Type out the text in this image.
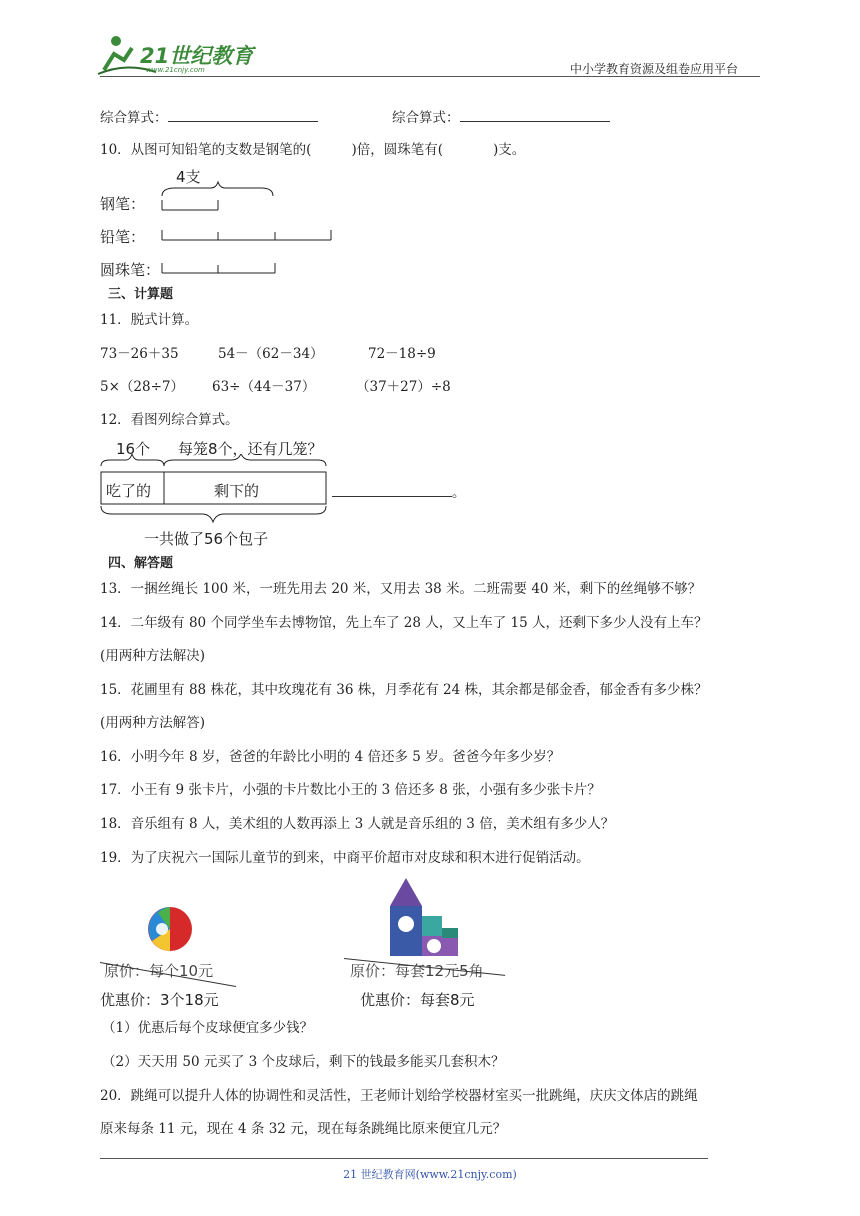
21世纪教育
www.21cnjy.com	中小学教育资源及组卷应用平台
综合算式：	综合算式：
10．从图可知铅笔的支数是钢笔的(	)倍，圆珠笔有(	)支。
4支
钢笔：
铅笔：
圆珠笔：
三、计算题
11．脱式计算。
73－26＋35	54－（62－34）	72－18÷9
5×（28÷7） 63÷（44－37）	（37＋27）÷8
12．看图列综合算式。
16个 每笼8个，还有几笼？
吃了的	剩下的	。
一共做了56个包子
四、解答题
13．一捆丝绳长 100 米，一班先用去 20 米，又用去 38 米。二班需要 40 米，剩下的丝绳够不够？
14．二年级有 80 个同学坐车去博物馆，先上车了 28 人，又上车了 15 人，还剩下多少人没有上车？
(用两种方法解决)
15．花圃里有 88 株花，其中玫瑰花有 36 株，月季花有 24 株，其余都是郁金香，郁金香有多少株？
(用两种方法解答)
16．小明今年 8 岁，爸爸的年龄比小明的 4 倍还多 5 岁。爸爸今年多少岁？
17．小王有 9 张卡片，小强的卡片数比小王的 3 倍还多 8 张，小强有多少张卡片？
18．音乐组有 8 人，美术组的人数再添上 3 人就是音乐组的 3 倍，美术组有多少人？
19．为了庆祝六一国际儿童节的到来，中商平价超市对皮球和积木进行促销活动。
原价：每个10元
优惠价：3个18元
原价：每套12元5角
优惠价：每套8元
（1）优惠后每个皮球便宜多少钱？
（2）天天用 50 元买了 3 个皮球后，剩下的钱最多能买几套积木？
20．跳绳可以提升人体的协调性和灵活性，王老师计划给学校器材室买一批跳绳，庆庆文体店的跳绳
原来每条 11 元，现在 4 条 32 元，现在每条跳绳比原来便宜几元？
21 世纪教育网(www.21cnjy.com)
